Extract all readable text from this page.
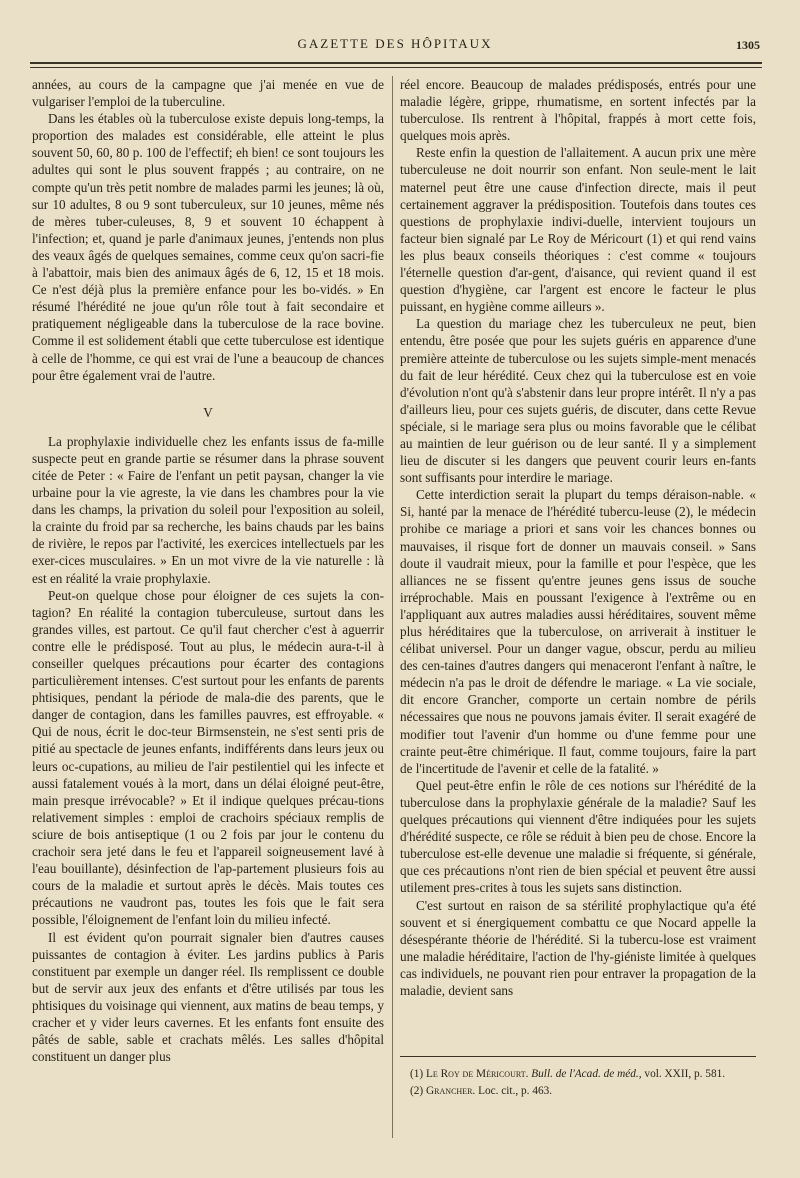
GAZETTE DES HÔPITAUX	1305

années, au cours de la campagne que j'ai menée en vue de vulgariser l'emploi de la tuberculine.

Dans les étables où la tuberculose existe depuis long-temps, la proportion des malades est considérable, elle atteint le plus souvent 50, 60, 80 p. 100 de l'effectif; eh bien! ce sont toujours les adultes qui sont le plus souvent frappés ; au contraire, on ne compte qu'un très petit nombre de malades parmi les jeunes; là où, sur 10 adultes, 8 ou 9 sont tuberculeux, sur 10 jeunes, même nés de mères tuber-culeuses, 8, 9 et souvent 10 échappent à l'infection; et, quand je parle d'animaux jeunes, j'entends non plus des veaux âgés de quelques semaines, comme ceux qu'on sacri-fie à l'abattoir, mais bien des animaux âgés de 6, 12, 15 et 18 mois. Ce n'est déjà plus la première enfance pour les bo-vidés. » En résumé l'hérédité ne joue qu'un rôle tout à fait secondaire et pratiquement négligeable dans la tuberculose de la race bovine. Comme il est solidement établi que cette tuberculose est identique à celle de l'homme, ce qui est vrai de l'une a beaucoup de chances pour être également vrai de l'autre.

V

La prophylaxie individuelle chez les enfants issus de fa-mille suspecte peut en grande partie se résumer dans la phrase souvent citée de Peter : « Faire de l'enfant un petit paysan, changer la vie urbaine pour la vie agreste, la vie dans les chambres pour la vie dans les champs, la privation du soleil pour l'exposition au soleil, la crainte du froid par sa recherche, les bains chauds par les bains de rivière, le repos par l'activité, les exercices intellectuels par les exer-cices musculaires. » En un mot vivre de la vie naturelle : là est en réalité la vraie prophylaxie.

Peut-on quelque chose pour éloigner de ces sujets la con-tagion? En réalité la contagion tuberculeuse, surtout dans les grandes villes, est partout. Ce qu'il faut chercher c'est à aguerrir contre elle le prédisposé. Tout au plus, le médecin aura-t-il à conseiller quelques précautions pour écarter des contagions particulièrement intenses. C'est surtout pour les enfants de parents phtisiques, pendant la période de mala-die des parents, que le danger de contagion, dans les familles pauvres, est effroyable. « Qui de nous, écrit le doc-teur Birmsenstein, ne s'est senti pris de pitié au spectacle de jeunes enfants, indifférents dans leurs jeux ou leurs oc-cupations, au milieu de l'air pestilentiel qui les infecte et aussi fatalement voués à la mort, dans un délai éloigné peut-être, main presque irrévocable? » Et il indique quelques précau-tions relativement simples : emploi de crachoirs spéciaux remplis de sciure de bois antiseptique (1 ou 2 fois par jour le contenu du crachoir sera jeté dans le feu et l'appareil soigneusement lavé à l'eau bouillante), désinfection de l'ap-partement plusieurs fois au cours de la maladie et surtout après le décès. Mais toutes ces précautions ne vaudront pas, toutes les fois que le fait sera possible, l'éloignement de l'enfant loin du milieu infecté.

Il est évident qu'on pourrait signaler bien d'autres causes puissantes de contagion à éviter. Les jardins publics à Paris constituent par exemple un danger réel. Ils remplissent ce double but de servir aux jeux des enfants et d'être utilisés par tous les phtisiques du voisinage qui viennent, aux matins de beau temps, y cracher et y vider leurs cavernes. Et les enfants font ensuite des pâtés de sable, sable et crachats mêlés. Les salles d'hôpital constituent un danger plus

réel encore. Beaucoup de malades prédisposés, entrés pour une maladie légère, grippe, rhumatisme, en sortent infectés par la tuberculose. Ils rentrent à l'hôpital, frappés à mort cette fois, quelques mois après.

Reste enfin la question de l'allaitement. A aucun prix une mère tuberculeuse ne doit nourrir son enfant. Non seule-ment le lait maternel peut être une cause d'infection directe, mais il peut certainement aggraver la prédisposition. Toutefois dans toutes ces questions de prophylaxie indivi-duelle, intervient toujours un facteur bien signalé par Le Roy de Méricourt (1) et qui rend vains les plus beaux conseils théoriques : c'est comme « toujours l'éternelle question d'ar-gent, d'aisance, qui revient quand il est question d'hygiène, car l'argent est encore le facteur le plus puissant, en hygiène comme ailleurs ».

La question du mariage chez les tuberculeux ne peut, bien entendu, être posée que pour les sujets guéris en apparence d'une première atteinte de tuberculose ou les sujets simple-ment menacés du fait de leur hérédité. Ceux chez qui la tuberculose est en voie d'évolution n'ont qu'à s'abstenir dans leur propre intérêt. Il n'y a pas d'ailleurs lieu, pour ces sujets guéris, de discuter, dans cette Revue spéciale, si le mariage sera plus ou moins favorable que le célibat au maintien de leur guérison ou de leur santé. Il y a simplement lieu de discuter si les dangers que peuvent courir leurs en-fants sont suffisants pour interdire le mariage.

Cette interdiction serait la plupart du temps déraison-nable. « Si, hanté par la menace de l'hérédité tubercu-leuse (2), le médecin prohibe ce mariage a priori et sans voir les chances bonnes ou mauvaises, il risque fort de donner un mauvais conseil. » Sans doute il vaudrait mieux, pour la famille et pour l'espèce, que les alliances ne se fissent qu'entre jeunes gens issus de souche irréprochable. Mais en poussant l'exigence à l'extrême ou en l'appliquant aux autres maladies aussi héréditaires, souvent même plus héréditaires que la tuberculose, on arriverait à instituer le célibat universel. Pour un danger vague, obscur, perdu au milieu des cen-taines d'autres dangers qui menaceront l'enfant à naître, le médecin n'a pas le droit de défendre le mariage. « La vie sociale, dit encore Grancher, comporte un certain nombre de périls nécessaires que nous ne pouvons jamais éviter. Il serait exagéré de modifier tout l'avenir d'un homme ou d'une femme pour une crainte peut-être chimérique. Il faut, comme toujours, faire la part de l'incertitude de l'avenir et celle de la fatalité. »

Quel peut-être enfin le rôle de ces notions sur l'hérédité de la tuberculose dans la prophylaxie générale de la maladie? Sauf les quelques précautions qui viennent d'être indiquées pour les sujets d'hérédité suspecte, ce rôle se réduit à bien peu de chose. Encore la tuberculose est-elle devenue une maladie si fréquente, si générale, que ces précautions n'ont rien de bien spécial et peuvent être aussi utilement pres-crites à tous les sujets sans distinction.

C'est surtout en raison de sa stérilité prophylactique qu'a été souvent et si énergiquement combattu ce que Nocard appelle la désespérante théorie de l'hérédité. Si la tubercu-lose est vraiment une maladie héréditaire, l'action de l'hy-giéniste limitée à quelques cas individuels, ne pouvant rien pour entraver la propagation de la maladie, devient sans

(1) Le Roy de Méricourt. Bull. de l'Acad. de méd., vol. XXII, p. 581.

(2) Grancher. Loc. cit., p. 463.
